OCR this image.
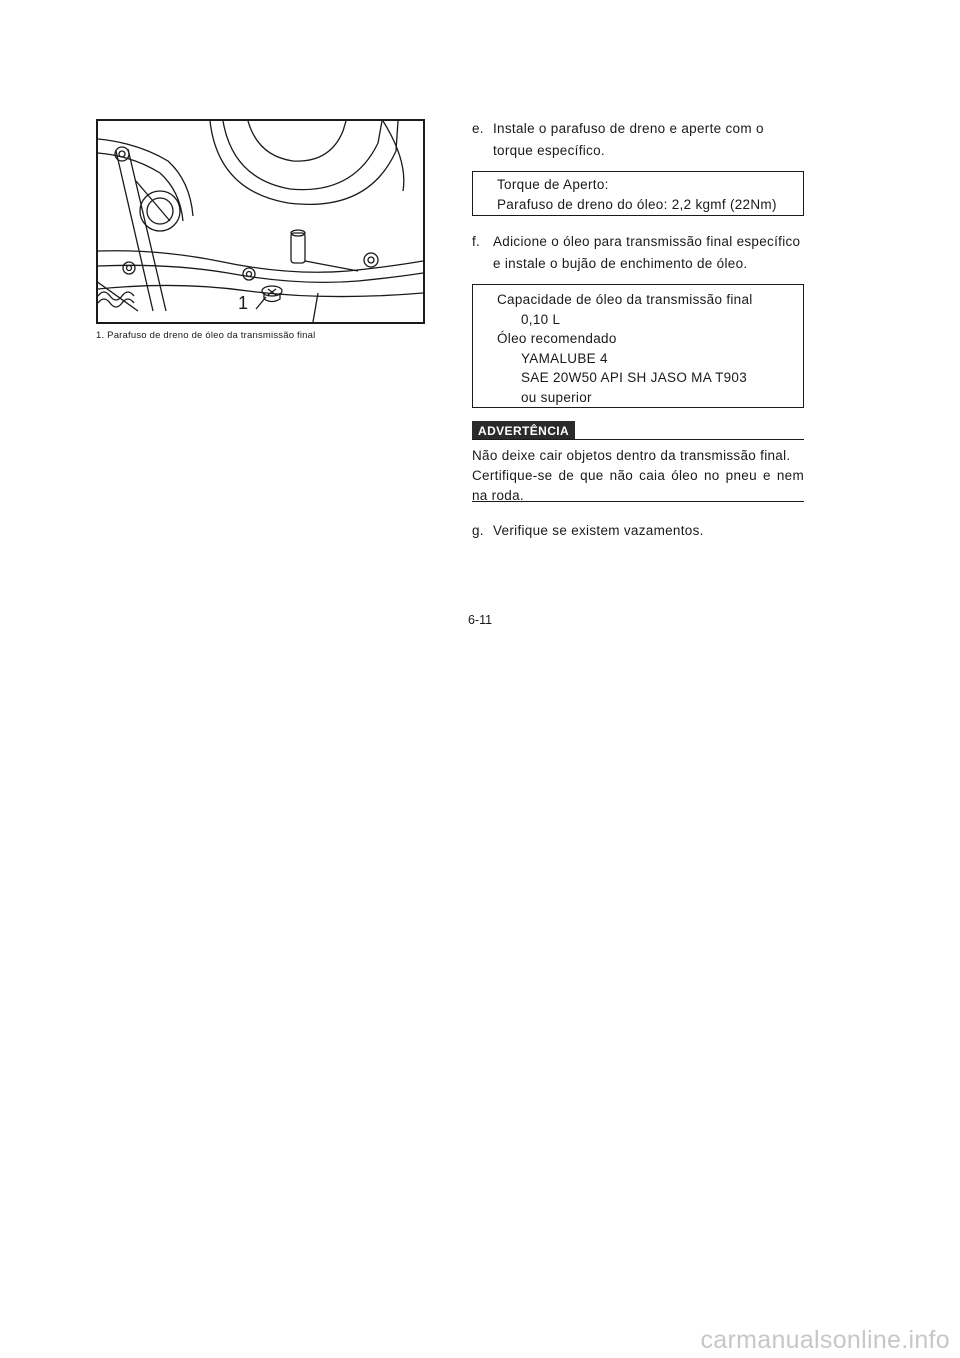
1
1. Parafuso de dreno de óleo da transmissão final
e. Instale o parafuso de dreno e aperte com o torque específico.
Torque de Aperto:
Parafuso de dreno do óleo: 2,2 kgmf (22Nm)
f. Adicione o óleo para transmissão final específico e instale o bujão de enchimento de óleo.
Capacidade de óleo da transmissão final
0,10 L
Óleo recomendado
YAMALUBE 4
SAE 20W50 API SH JASO MA T903
ou superior
ADVERTÊNCIA
Não deixe cair objetos dentro da transmissão final.
Certifique-se de que não caia óleo no pneu e nem na roda.
g. Verifique se existem vazamentos.
6-11
carmanualsonline.info
